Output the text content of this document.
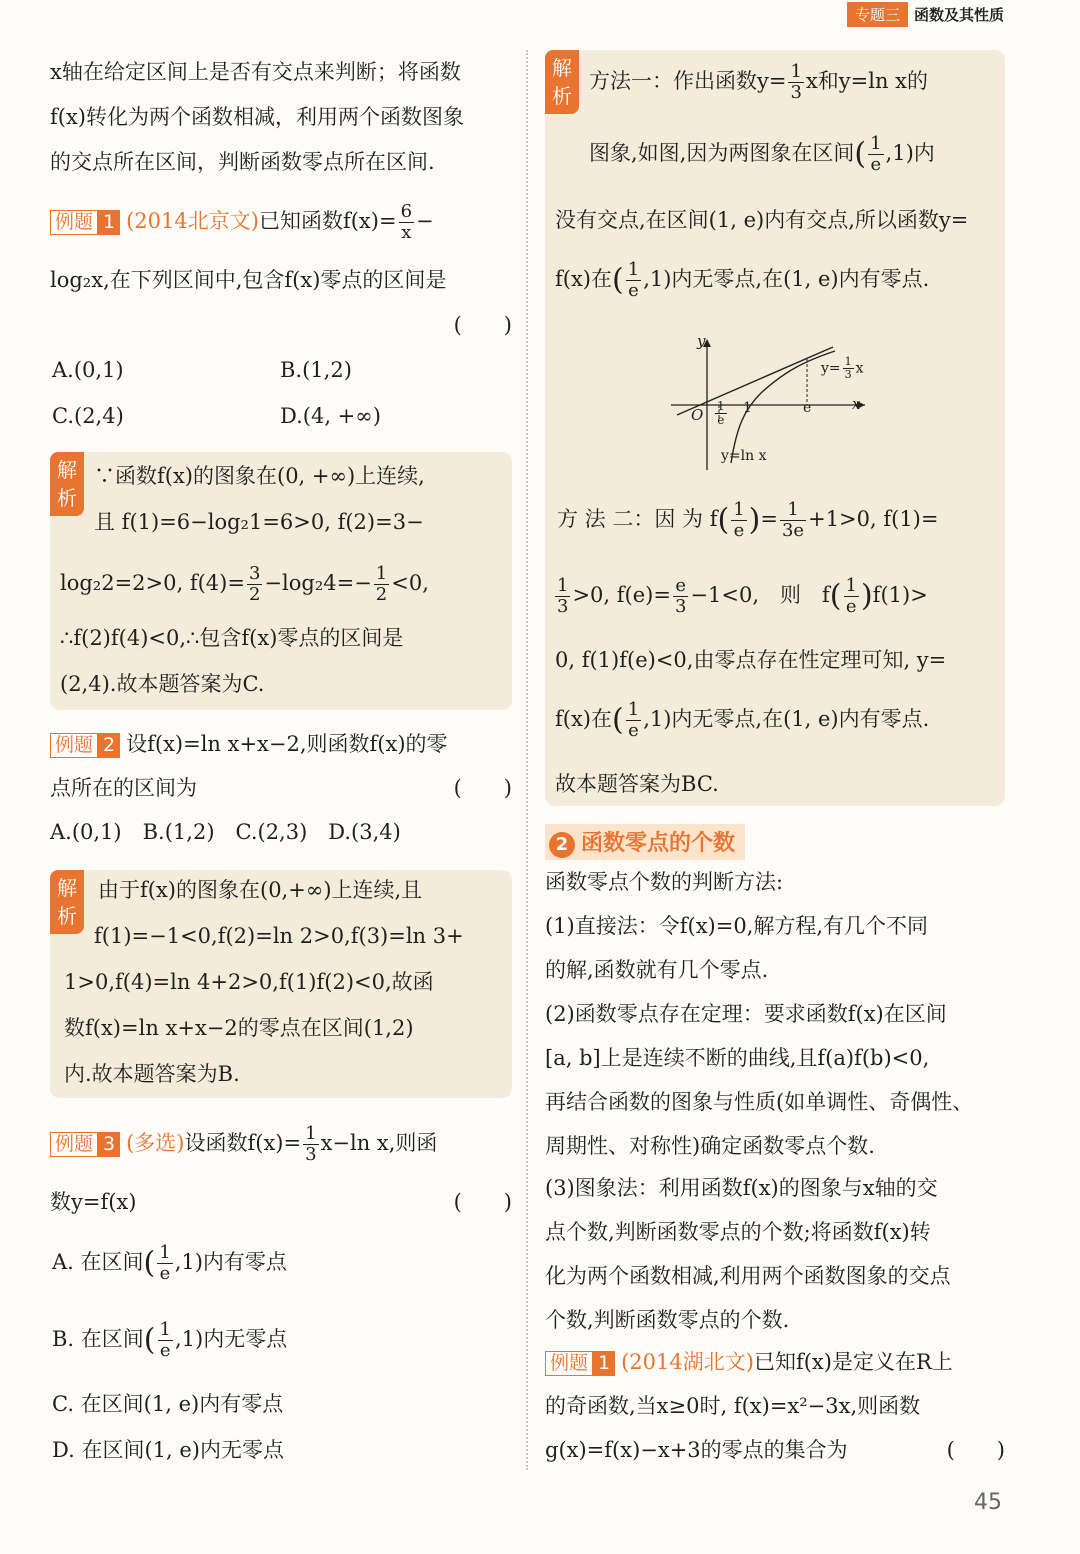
专题三 函数及其性质
x轴在给定区间上是否有交点来判断；将函数
f(x)转化为两个函数相减，利用两个函数图象
的交点所在区间，判断函数零点所在区间.
例题 1 (2014北京文)已知函数$f(x)= \frac{6}{x}$ −
log₂x,在下列区间中,包含f(x)零点的区间是
(　　)
A.(0,1)	B.(1,2)
C.(2,4)	D.(4, +∞)
解析
∵函数f(x)的图象在(0, +∞)上连续,
且 f(1)=6−log₂1=6>0, f(2)=3−
log₂2=2>0, $f(4)= \frac{3}{2} -\log_24=- \frac{1}{2} <0$,
∴f(2)f(4)<0,∴包含f(x)零点的区间是
(2,4).故本题答案为C.
例题 2 设f(x)=ln x+x−2,则函数f(x)的零
点所在的区间为	(　　)
A.(0,1)　B.(1,2)　C.(2,3)　D.(3,4)
解析
由于f(x)的图象在(0,+∞)上连续,且
f(1)=−1<0,f(2)=ln 2>0,f(3)=ln 3+
1>0,f(4)=ln 4+2>0,f(1)f(2)<0,故函
数f(x)=ln x+x−2的零点在区间(1,2)
内.故本题答案为B.
例题 3 (多选)设函数$f(x)= \frac{1}{3} x-\ln$ x,则函
数y=f(x)	(　　)
A. 在区间( $\frac{1}{e} ,1$)内有零点
B. 在区间( $\frac{1}{e} ,1$)内无零点
C. 在区间(1, e)内有零点
D. 在区间(1, e)内无零点
解析
方法一：作出函数$y= \frac{1}{3}$ x和y=ln x的
图象,如图,因为两图象在区间( $\frac{1}{e} ,1$)内
没有交点,在区间(1, e)内有交点,所以函数y=
f(x)在( $\frac{1}{e} ,1$)内无零点,在(1, e)内有零点.
y
x
O $\frac{1}{e} 1$	e
$y= \frac{1}{3}$ x
y=ln x
方 法 二：因 为 $f( \frac{1}{e}$ )= $\frac{1}{3e} +1>0$, f(1)=
$\frac{1}{3} >0$, $f(e)= \frac{e}{3} -1<0$,　则　$f( \frac{1}{e} )f(1)>$
0, f(1)f(e)<0,由零点存在性定理可知, y=
f(x)在( $\frac{1}{e} ,1$)内无零点,在(1, e)内有零点.
故本题答案为BC.
2 函数零点的个数
函数零点个数的判断方法:
(1)直接法：令f(x)=0,解方程,有几个不同
的解,函数就有几个零点.
(2)函数零点存在定理：要求函数f(x)在区间
[a, b]上是连续不断的曲线,且f(a)f(b)<0,
再结合函数的图象与性质(如单调性、奇偶性、
周期性、对称性)确定函数零点个数.
(3)图象法：利用函数f(x)的图象与x轴的交
点个数,判断函数零点的个数;将函数f(x)转
化为两个函数相减,利用两个函数图象的交点
个数,判断函数零点的个数.
例题 1 (2014湖北文)已知f(x)是定义在R上
的奇函数,当x≥0时, f(x)=x²−3x,则函数
g(x)=f(x)−x+3的零点的集合为	(　　)
45
